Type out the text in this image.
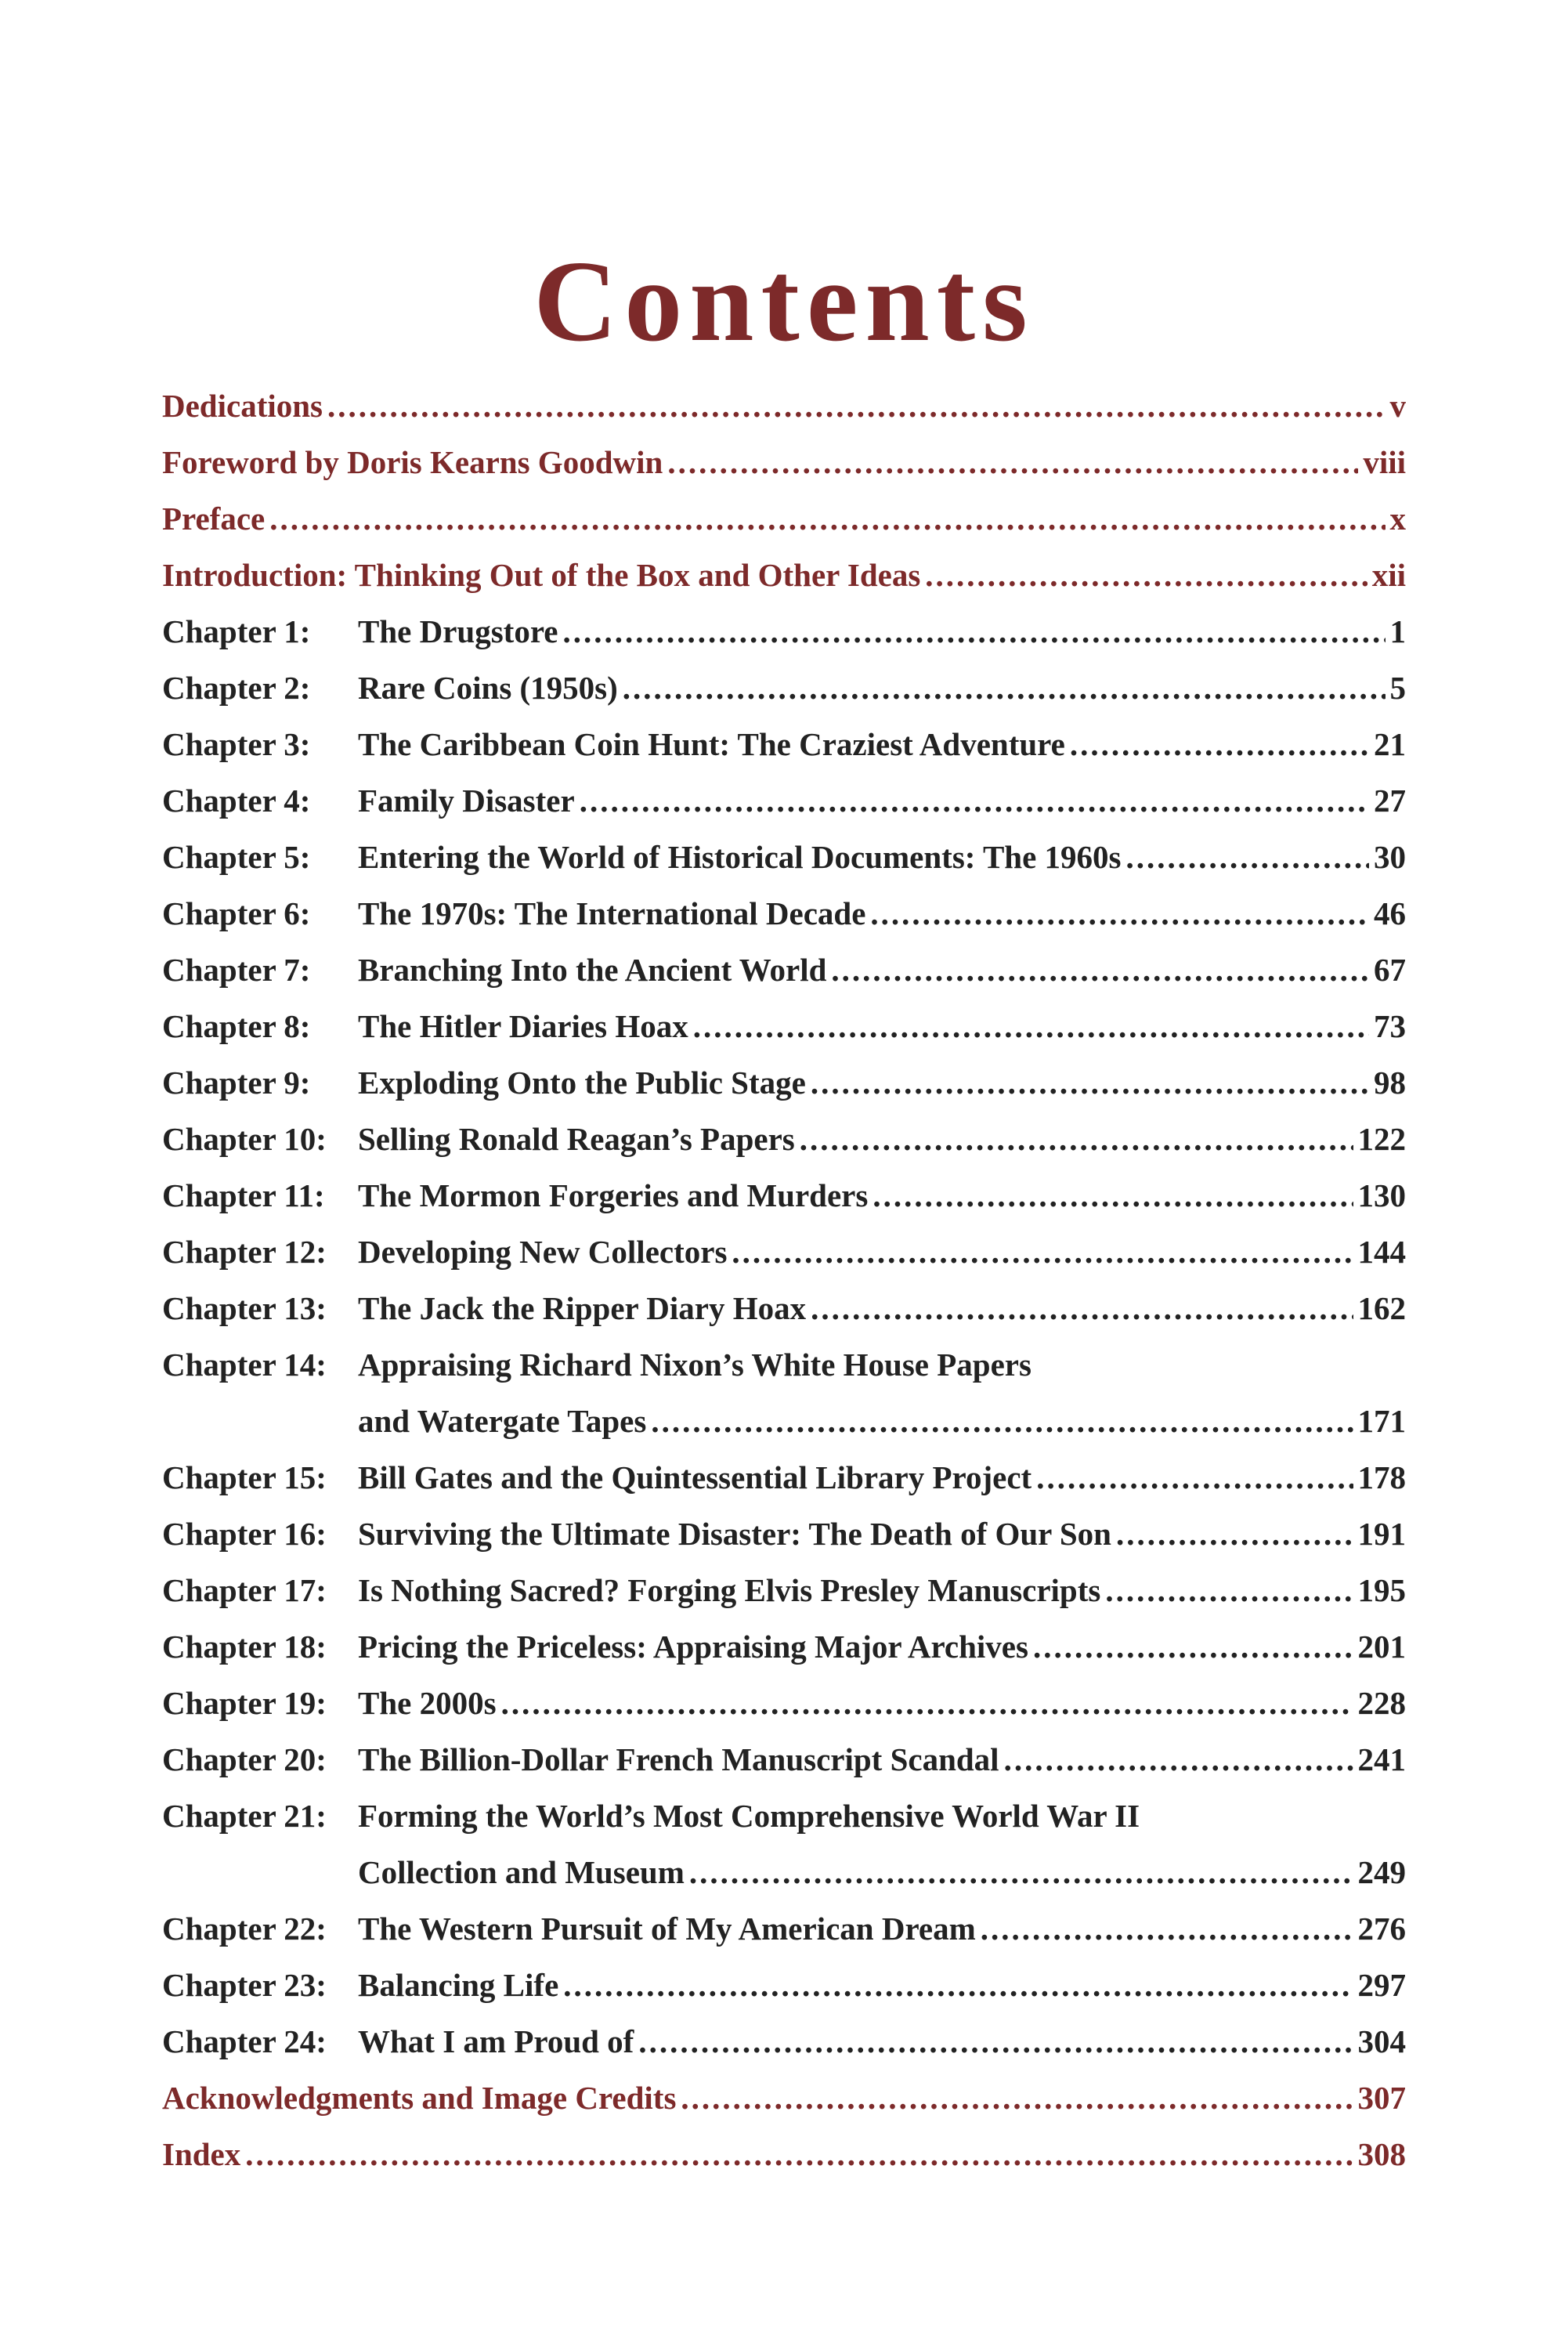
Contents
Dedications .....	v
Foreword by Doris Kearns Goodwin .....	viii
Preface .....	x
Introduction: Thinking Out of the Box and Other Ideas .....	xii
Chapter 1:	The Drugstore .....	1
Chapter 2:	Rare Coins (1950s) .....	5
Chapter 3:	The Caribbean Coin Hunt: The Craziest Adventure .....	21
Chapter 4:	Family Disaster .....	27
Chapter 5:	Entering the World of Historical Documents: The 1960s .....	30
Chapter 6:	The 1970s: The International Decade .....	46
Chapter 7:	Branching Into the Ancient World .....	67
Chapter 8:	The Hitler Diaries Hoax .....	73
Chapter 9:	Exploding Onto the Public Stage .....	98
Chapter 10: Selling Ronald Reagan’s Papers .....	122
Chapter 11:	The Mormon Forgeries and Murders .....	130
Chapter 12: Developing New Collectors .....	144
Chapter 13: The Jack the Ripper Diary Hoax .....	162
Chapter 14: Appraising Richard Nixon’s White House Papers
and Watergate Tapes .....	171
Chapter 15: Bill Gates and the Quintessential Library Project .....	178
Chapter 16: Surviving the Ultimate Disaster: The Death of Our Son .....	191
Chapter 17: Is Nothing Sacred? Forging Elvis Presley Manuscripts .....	195
Chapter 18: Pricing the Priceless: Appraising Major Archives .....	201
Chapter 19: The 2000s .....	228
Chapter 20: The Billion-Dollar French Manuscript Scandal .....	241
Chapter 21: Forming the World’s Most Comprehensive World War II
Collection and Museum .....	249
Chapter 22: The Western Pursuit of My American Dream .....	276
Chapter 23: Balancing Life .....	297
Chapter 24: What I am Proud of .....	304
Acknowledgments and Image Credits .....	307
Index .....	308
